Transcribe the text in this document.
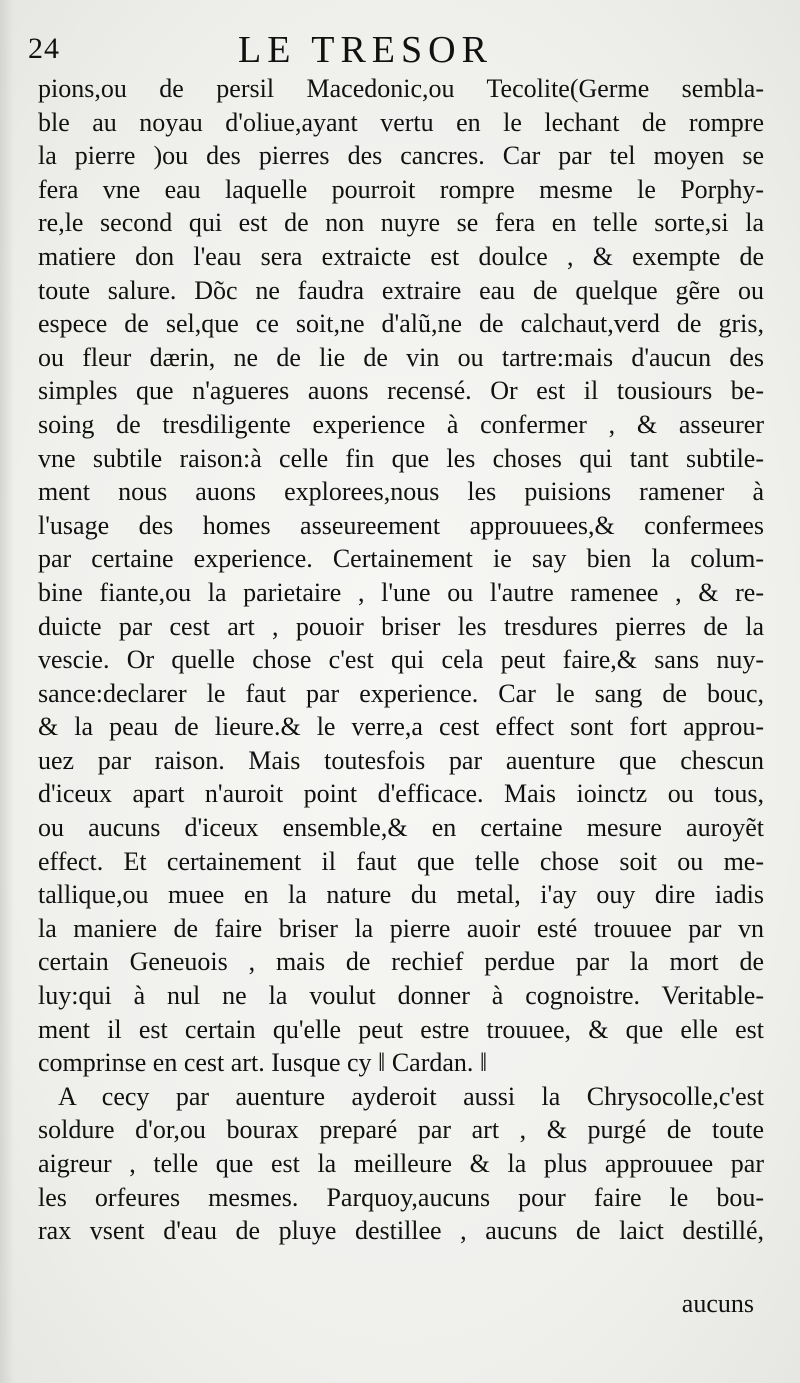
24	LE TRESOR
pions,ou de persil Macedonic,ou Tecolite(Germe sembla-
ble au noyau d'oliue,ayant vertu en le lechant de rompre
la pierre )ou des pierres des cancres. Car par tel moyen se
fera vne eau laquelle pourroit rompre mesme le Porphy-
re,le second qui est de non nuyre se fera en telle sorte,si la
matiere don l'eau sera extraicte est doulce , & exempte de
toute salure. Dõc ne faudra extraire eau de quelque gẽre ou
espece de sel,que ce soit,ne d'alũ,ne de calchaut,verd de gris,
ou fleur dærin, ne de lie de vin ou tartre:mais d'aucun des
simples que n'agueres auons recensé. Or est il tousiours be-
soing de tresdiligente experience à confermer , & asseurer
vne subtile raison:à celle fin que les choses qui tant subtile-
ment nous auons explorees,nous les puisions ramener à
l'usage des homes asseureement approuuees,& confermees
par certaine experience. Certainement ie say bien la colum-
bine fiante,ou la parietaire , l'une ou l'autre ramenee , & re-
duicte par cest art , pouoir briser les tresdures pierres de la
vescie. Or quelle chose c'est qui cela peut faire,& sans nuy-
sance:declarer le faut par experience. Car le sang de bouc,
& la peau de lieure.& le verre,a cest effect sont fort approu-
uez par raison. Mais toutesfois par auenture que chescun
d'iceux apart n'auroit point d'efficace. Mais ioinctz ou tous,
ou aucuns d'iceux ensemble,& en certaine mesure auroyẽt
effect. Et certainement il faut que telle chose soit ou me-
tallique,ou muee en la nature du metal, i'ay ouy dire iadis
la maniere de faire briser la pierre auoir esté trouuee par vn
certain Geneuois , mais de rechief perdue par la mort de
luy:qui à nul ne la voulut donner à cognoistre. Veritable-
ment il est certain qu'elle peut estre trouuee, & que elle est
comprinse en cest art. Iusque cy ‖ Cardan. ‖
A cecy par auenture ayderoit aussi la Chrysocolle,c'est
soldure d'or,ou bourax preparé par art , & purgé de toute
aigreur , telle que est la meilleure & la plus approuuee par
les orfeures mesmes. Parquoy,aucuns pour faire le bou-
rax vsent d'eau de pluye destillee , aucuns de laict destillé,
aucuns
